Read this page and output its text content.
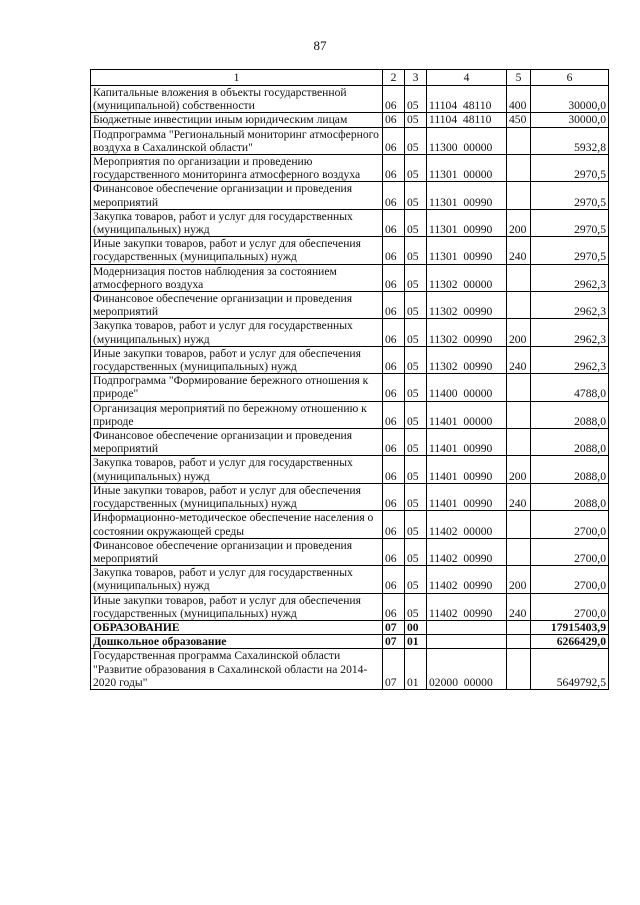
87
1	2	3	4	5	6
Капитальные вложения в объекты государственной (муниципальной) собственности	06	05	11104  48110	400	30000,0
Бюджетные инвестиции иным юридическим лицам	06	05	11104  48110	450	30000,0
Подпрограмма "Региональный мониторинг атмосферного воздуха в Сахалинской области"	06	05	11300  00000		5932,8
Мероприятия по организации и проведению государственного мониторинга атмосферного воздуха	06	05	11301  00000		2970,5
Финансовое обеспечение организации и проведения мероприятий	06	05	11301  00990		2970,5
Закупка товаров, работ и услуг для государственных (муниципальных) нужд	06	05	11301  00990	200	2970,5
Иные закупки товаров, работ и услуг для обеспечения государственных (муниципальных) нужд	06	05	11301  00990	240	2970,5
Модернизация постов наблюдения за состоянием атмосферного воздуха	06	05	11302  00000		2962,3
Финансовое обеспечение организации и проведения мероприятий	06	05	11302  00990		2962,3
Закупка товаров, работ и услуг для государственных (муниципальных) нужд	06	05	11302  00990	200	2962,3
Иные закупки товаров, работ и услуг для обеспечения государственных (муниципальных) нужд	06	05	11302  00990	240	2962,3
Подпрограмма "Формирование бережного отношения к природе"	06	05	11400  00000		4788,0
Организация мероприятий по бережному отношению к природе	06	05	11401  00000		2088,0
Финансовое обеспечение организации и проведения мероприятий	06	05	11401  00990		2088,0
Закупка товаров, работ и услуг для государственных (муниципальных) нужд	06	05	11401  00990	200	2088,0
Иные закупки товаров, работ и услуг для обеспечения государственных (муниципальных) нужд	06	05	11401  00990	240	2088,0
Информационно-методическое обеспечение населения о состоянии окружающей среды	06	05	11402  00000		2700,0
Финансовое обеспечение организации и проведения мероприятий	06	05	11402  00990		2700,0
Закупка товаров, работ и услуг для государственных (муниципальных) нужд	06	05	11402  00990	200	2700,0
Иные закупки товаров, работ и услуг для обеспечения государственных (муниципальных) нужд	06	05	11402  00990	240	2700,0
ОБРАЗОВАНИЕ	07	00			17915403,9
Дошкольное образование	07	01			6266429,0
Государственная программа Сахалинской области "Развитие образования в Сахалинской области на 2014-2020 годы"	07	01	02000  00000		5649792,5
